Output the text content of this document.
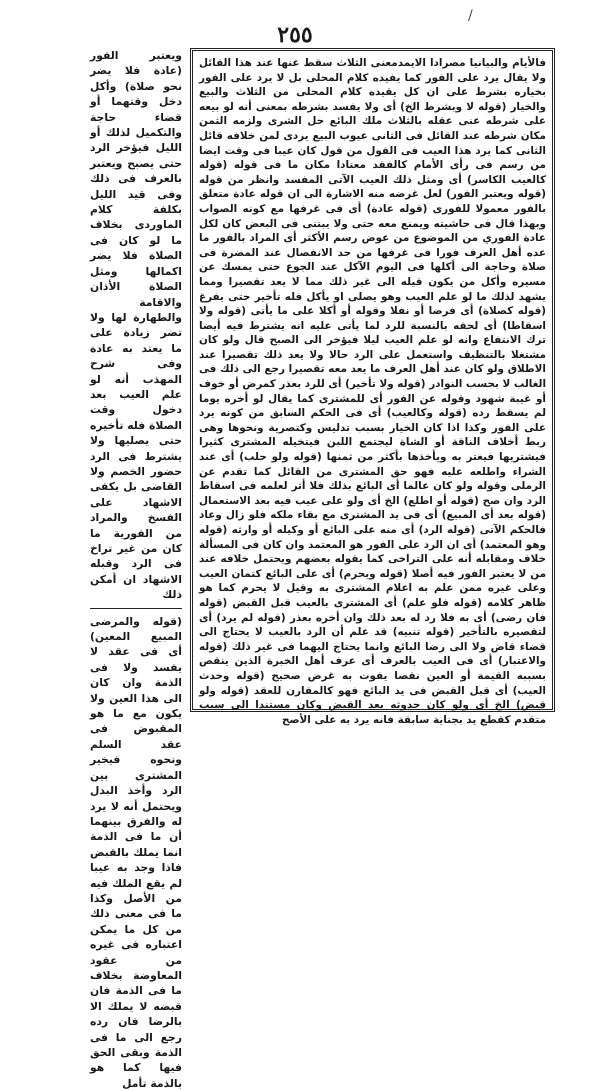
/
٢٥٥
فالأيام والبيانيا مصرادا الايمدمعنى الثلاث سقط عنها عند هذا القائل ولا يقال يرد على الفور كما يفيده كلام المحلى بل لا يرد على الفور بخياره بشرط على ان كل يقيده كلام المحلى من الثلاث والبيع والخيار (قوله لا وبشرط الخ) أى ولا يفسد بشرطه بمعنى أنه لو بيعه على شرطه عنى عقله بالثلاث ملك البائع حل الشرى ولزمه الثمن مكان شرطه عند القائل فى الثانى عيوب البيع يردى لمن خلافه قائل الثانى كما يرد هذا العيب فى القول من قول كان عيبا فى وقت ايضا من رسم فى رأى الأمام كالفقد معتادا مكان ما فى قوله (قوله كالعيب الكاسر) أى ومثل ذلك العيب الآتى المفسد وانظر من قوله (قوله ويعتبر الفور) لعل غرضه منه الاشارة الى ان قوله عادة متعلق بالفور معمولا للفورى (قوله عادة) أى فى غرفها مع كونه الصواب وبهذا قال فى حاشيته ويمنع معه حتى ولا يبتنى فى البعض كان لكل عادة الفوري من الموضوع من عوض رسم الأكثر أى المراد بالفور ما عده أهل العرف فورا فى غرفها من حد الانفصال عند المضرة فى صلاة وحاجة الى أكلها فى اليوم الآكل عند الجوع حتى يمسك عن مسيره وأكل من يكون قيله الى غير ذلك مما لا يعد تقصيرا ومما يشهد لذلك ما لو علم العيب وهو يصلى او يأكل فله تأخير حتى يفرغ (قوله كصلاة) أى فرضا أو نفلا وقوله أو أكلا على ما يأتى (قوله ولا اسقاطا) أى لحقه بالنسبة للرد لما يأتى عليه انه يشترط فيه أيضا ترك الانتفاع وانه لو علم العيب ليلا فيؤخر الى الصبح قال ولو كان مشتغلا بالتنظيف واستعمل على الرد حالا ولا يعد ذلك تقصيرا عند الاطلاق ولو كان عند أهل العرف ما يعد معه تقصيرا رجع الى ذلك فى الغالب لا بحسب النوادر (قوله ولا تأخير) أى للرد بعذر كمرض أو خوف أو غيبة شهود وقوله عن الفور أى للمشترى كما يقال لو أخره يوما لم يسقط رده (قوله وكالعيب) أى فى الحكم السابق من كونه يرد على الفور وكذا اذا كان الخيار بسبب تدليس وكتصرية ونحوها وهى ربط أخلاف الناقة أو الشاة ليجتمع اللبن فيتخيله المشترى كثيرا فيشتريها فيغتر به ويأخذها بأكثر من ثمنها (قوله ولو حلب) أى عند الشراء واطلعه عليه فهو حق المشترى من القائل كما تقدم عن الرملى وقوله ولو كان عالما أى البائع بذلك فلا أثر لعلمه فى اسقاط الرد وان صح (قوله أو اطلع) الخ أى ولو على عيب فيه بعد الاستعمال (قوله بعد أى المبيع) أى فى يد المشترى مع بقاء ملكه فلو زال وعاد فالحكم الآتى (قوله الرد) أى منه على البائع أو وكيله أو وارثه (قوله وهو المعتمد) أى ان الرد على الفور هو المعتمد وان كان فى المسألة خلاف ومقابله أنه على التراخى كما يقوله بعضهم ويحتمل خلافه عند من لا يعتبر الفور فيه أصلا (قوله ويحرم) أى على البائع كتمان العيب وعلى غيره ممن علم به اعلام المشترى به وقيل لا يحرم كما هو ظاهر كلامه (قوله فلو علم) أى المشترى بالعيب قبل القبض (قوله فان رضى) أى به فلا رد له بعد ذلك وان أخره بعذر (قوله لم يرد) أى لتقصيره بالتأخير (قوله تنبيه) قد علم أن الرد بالعيب لا يحتاج الى قضاء قاض ولا الى رضا البائع وانما يحتاج اليهما فى غير ذلك (قوله والاعتبار) أى فى العيب بالعرف أى عرف أهل الخبرة الذين ينقص بسببه القيمة أو العين نقصا يفوت به غرض صحيح (قوله وحدث العيب) أى قبل القبض فى يد البائع فهو كالمقارن للعقد (قوله ولو قبض) الخ أى ولو كان حدوثه بعد القبض وكان مستندا الى سبب متقدم كقطع يد بجناية سابقة فانه يرد به على الأصح

ويعتبر الفور (عادة فلا يضر نحو صلاة) وأكل دخل وقتهما أو قضاء حاجة والتكميل لذلك أو الليل فيؤخر الرد حتى يصبح ويعتبر بالعرف فى ذلك وفى قيد الليل بكلفة كلام الماوردى بخلاف ما لو كان فى الصلاة فلا يضر اكمالها ومثل الصلاة الأذان والاقامة والطهارة لها ولا تضر زيادة على ما يعتد به عادة وفى شرح المهذب أنه لو علم العيب بعد دخول وقت الصلاة فله تأخيره حتى يصليها ولا يشترط فى الرد حضور الخصم ولا القاضى بل يكفى الاشهاد على الفسخ والمراد من الفورية ما كان من غير تراخ فى الرد وقبله الاشهاد ان أمكن ذلك

(قوله والمرضى المبيع المعين) أى فى عقد لا يفسد ولا فى الذمة وان كان الى هذا العين ولا يكون مع ما هو المقبوض فى عقد السلم ونحوه فيخير المشترى بين الرد وأخذ البدل ويحتمل أنه لا يرد له والفرق بينهما أن ما فى الذمة انما يملك بالقبض فاذا وجد به عيبا لم يقع الملك فيه من الأصل وكذا ما فى معنى ذلك من كل ما يمكن اعتباره فى غيره من عقود المعاوضة بخلاف ما فى الذمة فان قبضه لا يملك الا بالرضا فان رده رجع الى ما فى الذمة وبقى الحق فيها كما هو بالذمة تأمل
